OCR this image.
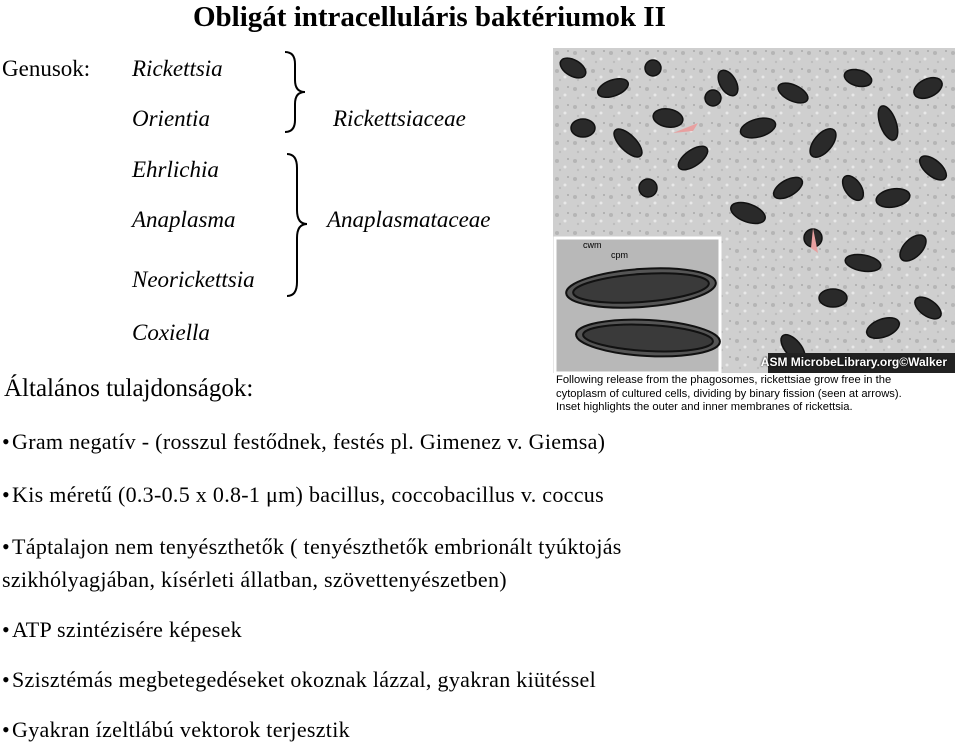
Obligát intracelluláris baktériumok II
Genusok: Rickettsia
Orientia
Ehrlichia
Anaplasma
Neorickettsia
Coxiella
Rickettsiaceae
Anaplasmataceae
cwm
cpm
ASM MicrobeLibrary.org©Walker
Following release from the phagosomes, rickettsiae grow free in the
cytoplasm of cultured cells, dividing by binary fission (seen at arrows).
Inset highlights the outer and inner membranes of rickettsia.
Általános tulajdonságok:
•Gram negatív - (rosszul festődnek, festés pl. Gimenez v. Giemsa)
•Kis méretű (0.3-0.5 x 0.8-1 μm) bacillus, coccobacillus v. coccus
•Táptalajon nem tenyészthetők ( tenyészthetők embrionált tyúktojás
szikhólyagjában, kísérleti állatban, szövettenyészetben)
•ATP szintézisére képesek
•Szisztémás megbetegedéseket okoznak lázzal, gyakran kiütéssel
•Gyakran ízeltlábú vektorok terjesztik
